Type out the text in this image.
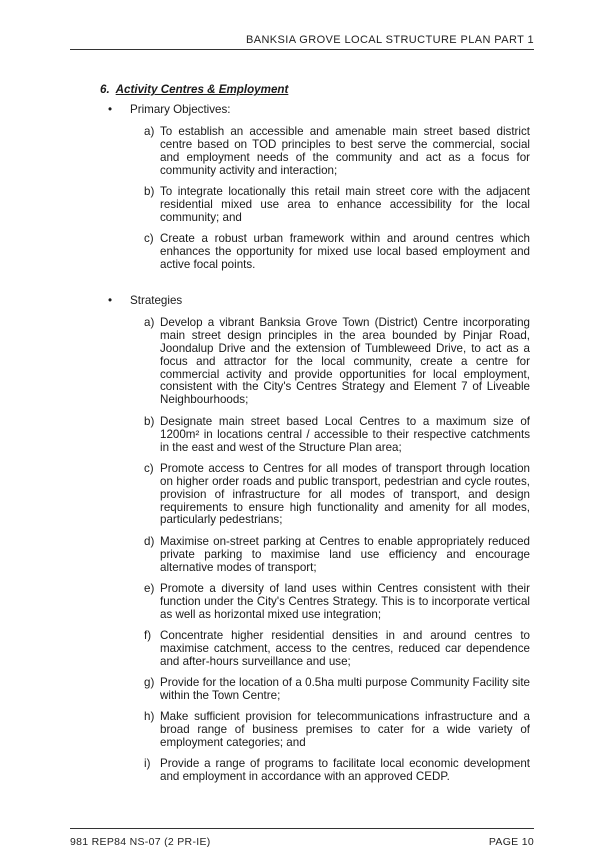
BANKSIA GROVE LOCAL STRUCTURE PLAN PART 1
6. Activity Centres & Employment
• Primary Objectives:
a) To establish an accessible and amenable main street based district centre based on TOD principles to best serve the commercial, social and employment needs of the community and act as a focus for community activity and interaction;
b) To integrate locationally this retail main street core with the adjacent residential mixed use area to enhance accessibility for the local community; and
c) Create a robust urban framework within and around centres which enhances the opportunity for mixed use local based employment and active focal points.
• Strategies
a) Develop a vibrant Banksia Grove Town (District) Centre incorporating main street design principles in the area bounded by Pinjar Road, Joondalup Drive and the extension of Tumbleweed Drive, to act as a focus and attractor for the local community, create a centre for commercial activity and provide opportunities for local employment, consistent with the City's Centres Strategy and Element 7 of Liveable Neighbourhoods;
b) Designate main street based Local Centres to a maximum size of 1200m² in locations central / accessible to their respective catchments in the east and west of the Structure Plan area;
c) Promote access to Centres for all modes of transport through location on higher order roads and public transport, pedestrian and cycle routes, provision of infrastructure for all modes of transport, and design requirements to ensure high functionality and amenity for all modes, particularly pedestrians;
d) Maximise on-street parking at Centres to enable appropriately reduced private parking to maximise land use efficiency and encourage alternative modes of transport;
e) Promote a diversity of land uses within Centres consistent with their function under the City's Centres Strategy. This is to incorporate vertical as well as horizontal mixed use integration;
f) Concentrate higher residential densities in and around centres to maximise catchment, access to the centres, reduced car dependence and after-hours surveillance and use;
g) Provide for the location of a 0.5ha multi purpose Community Facility site within the Town Centre;
h) Make sufficient provision for telecommunications infrastructure and a broad range of business premises to cater for a wide variety of employment categories; and
i) Provide a range of programs to facilitate local economic development and employment in accordance with an approved CEDP.
981 REP84 NS-07 (2 PR-IE)	PAGE 10
